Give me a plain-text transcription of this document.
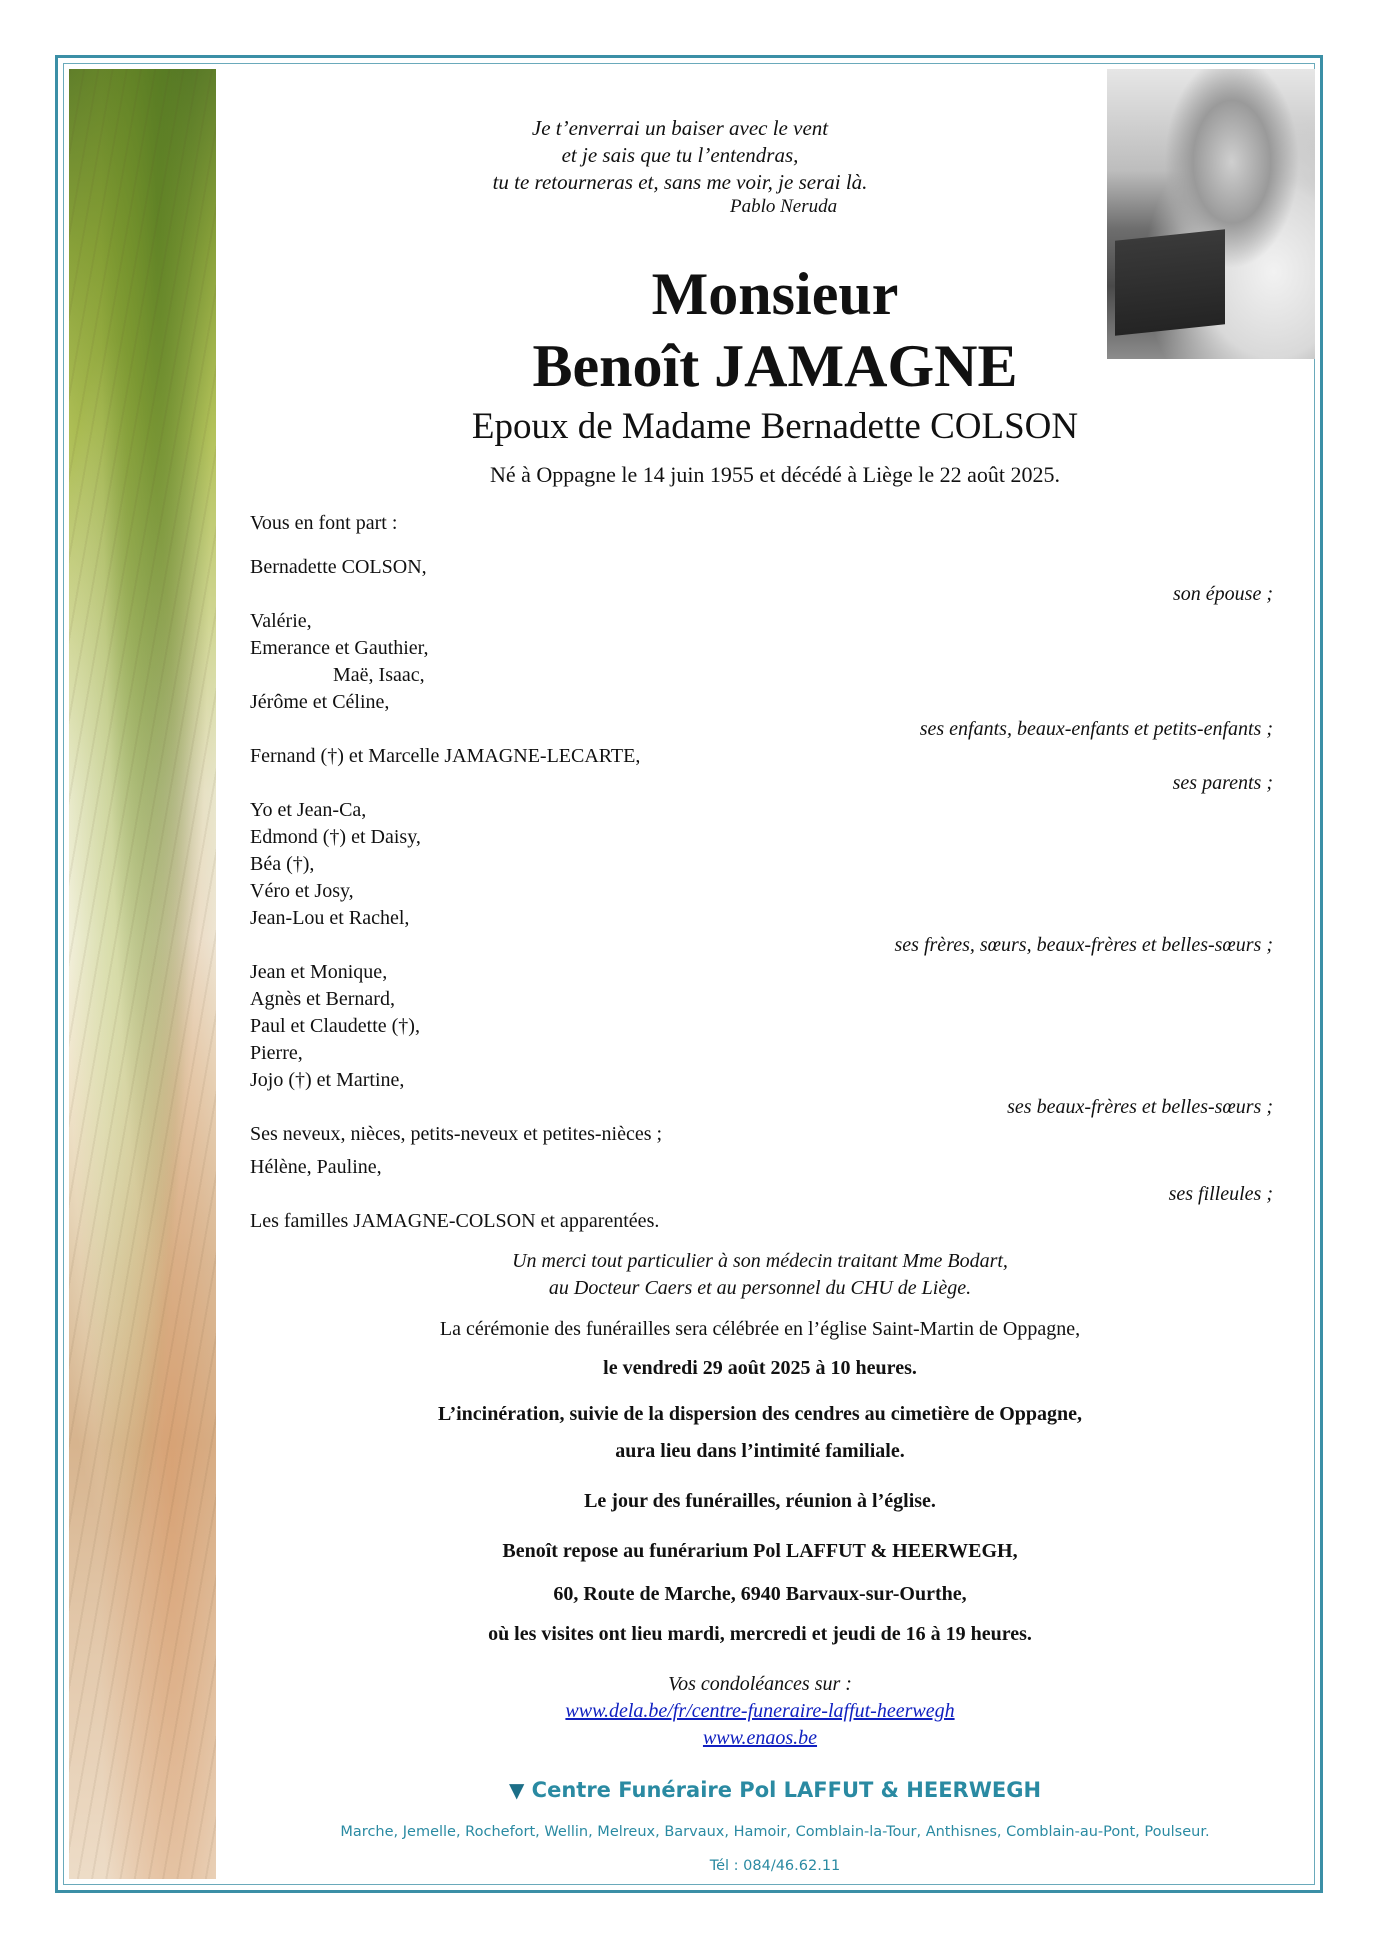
Je t’enverrai un baiser avec le vent
et je sais que tu l’entendras,
tu te retourneras et, sans me voir, je serai là.
Pablo Neruda
Monsieur
Benoît JAMAGNE
Epoux de Madame Bernadette COLSON
Né à Oppagne le 14 juin 1955 et décédé à Liège le 22 août 2025.
Vous en font part :
Bernadette COLSON,
son épouse ;
Valérie,
Emerance et Gauthier,
Maë, Isaac,
Jérôme et Céline,
ses enfants, beaux-enfants et petits-enfants ;
Fernand (†) et Marcelle JAMAGNE-LECARTE,
ses parents ;
Yo et Jean-Ca,
Edmond (†) et Daisy,
Béa (†),
Véro et Josy,
Jean-Lou et Rachel,
ses frères, sœurs, beaux-frères et belles-sœurs ;
Jean et Monique,
Agnès et Bernard,
Paul et Claudette (†),
Pierre,
Jojo (†) et Martine,
ses beaux-frères et belles-sœurs ;
Ses neveux, nièces, petits-neveux et petites-nièces ;
Hélène, Pauline,
ses filleules ;
Les familles JAMAGNE-COLSON et apparentées.
Un merci tout particulier à son médecin traitant Mme Bodart,
au Docteur Caers et au personnel du CHU de Liège.
La cérémonie des funérailles sera célébrée en l’église Saint-Martin de Oppagne,
le vendredi 29 août 2025 à 10 heures.
L’incinération, suivie de la dispersion des cendres au cimetière de Oppagne,
aura lieu dans l’intimité familiale.
Le jour des funérailles, réunion à l’église.
Benoît repose au funérarium Pol LAFFUT & HEERWEGH,
60, Route de Marche, 6940 Barvaux-sur-Ourthe,
où les visites ont lieu mardi, mercredi et jeudi de 16 à 19 heures.
Vos condoléances sur :
www.dela.be/fr/centre-funeraire-laffut-heerwegh
www.enaos.be
▼ Centre Funéraire Pol LAFFUT & HEERWEGH
Marche, Jemelle, Rochefort, Wellin, Melreux, Barvaux, Hamoir, Comblain-la-Tour, Anthisnes, Comblain-au-Pont, Poulseur.
Tél : 084/46.62.11
